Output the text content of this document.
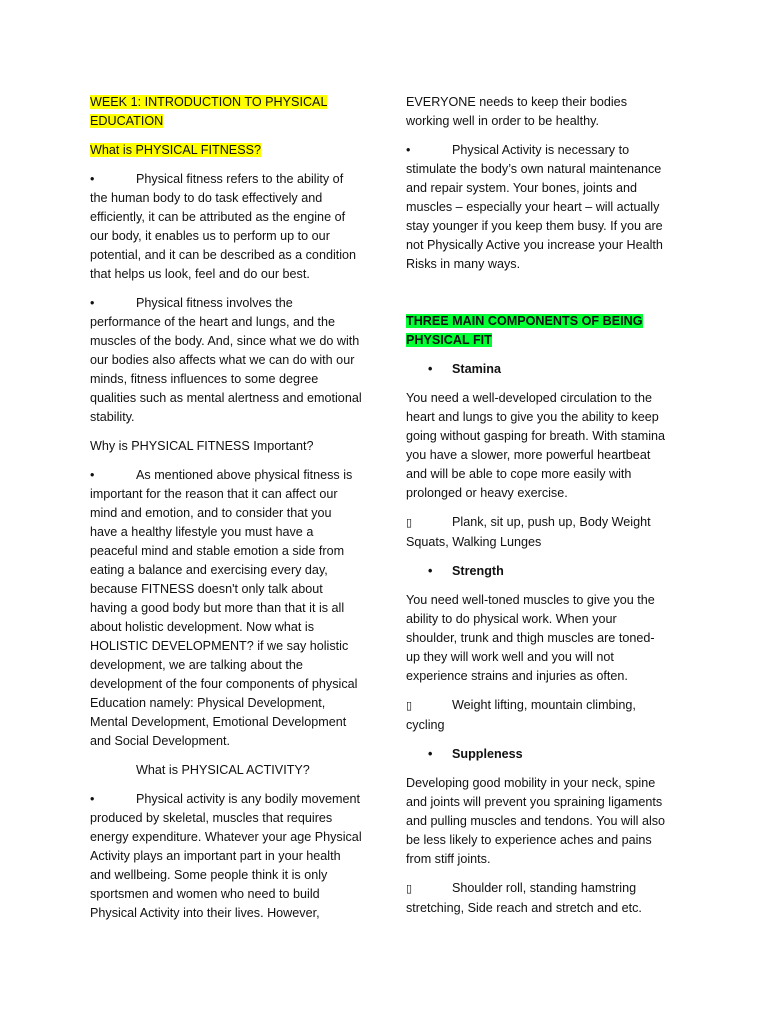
WEEK 1: INTRODUCTION TO PHYSICAL EDUCATION

What is PHYSICAL FITNESS?

•	Physical fitness refers to the ability of the human body to do task effectively and efficiently, it can be attributed as the engine of our body, it enables us to perform up to our potential, and it can be described as a condition that helps us look, feel and do our best.

•	Physical fitness involves the performance of the heart and lungs, and the muscles of the body. And, since what we do with our bodies also affects what we can do with our minds, fitness influences to some degree qualities such as mental alertness and emotional stability.

Why is PHYSICAL FITNESS Important?

•	As mentioned above physical fitness is important for the reason that it can affect our mind and emotion, and to consider that you have a healthy lifestyle you must have a peaceful mind and stable emotion a side from eating a balance and exercising every day, because FITNESS doesn't only talk about having a good body but more than that it is all about holistic development. Now what is HOLISTIC DEVELOPMENT? if we say holistic development, we are talking about the development of the four components of physical Education namely: Physical Development, Mental Development, Emotional Development and Social Development.

What is PHYSICAL ACTIVITY?

•	Physical activity is any bodily movement produced by skeletal, muscles that requires energy expenditure. Whatever your age Physical Activity plays an important part in your health and wellbeing. Some people think it is only sportsmen and women who need to build Physical Activity into their lives. However,

EVERYONE needs to keep their bodies working well in order to be healthy.

•	Physical Activity is necessary to stimulate the body’s own natural maintenance and repair system. Your bones, joints and muscles – especially your heart – will actually stay younger if you keep them busy. If you are not Physically Active you increase your Health Risks in many ways.

THREE MAIN COMPONENTS OF BEING PHYSICAL FIT

• Stamina

You need a well-developed circulation to the heart and lungs to give you the ability to keep going without gasping for breath. With stamina you have a slower, more powerful heartbeat and will be able to cope more easily with prolonged or heavy exercise.

▯	Plank, sit up, push up, Body Weight Squats, Walking Lunges

• Strength

You need well-toned muscles to give you the ability to do physical work. When your shoulder, trunk and thigh muscles are toned-up they will work well and you will not experience strains and injuries as often.

▯	Weight lifting, mountain climbing, cycling

• Suppleness

Developing good mobility in your neck, spine and joints will prevent you spraining ligaments and pulling muscles and tendons. You will also be less likely to experience aches and pains from stiff joints.

▯	Shoulder roll, standing hamstring stretching, Side reach and stretch and etc.
